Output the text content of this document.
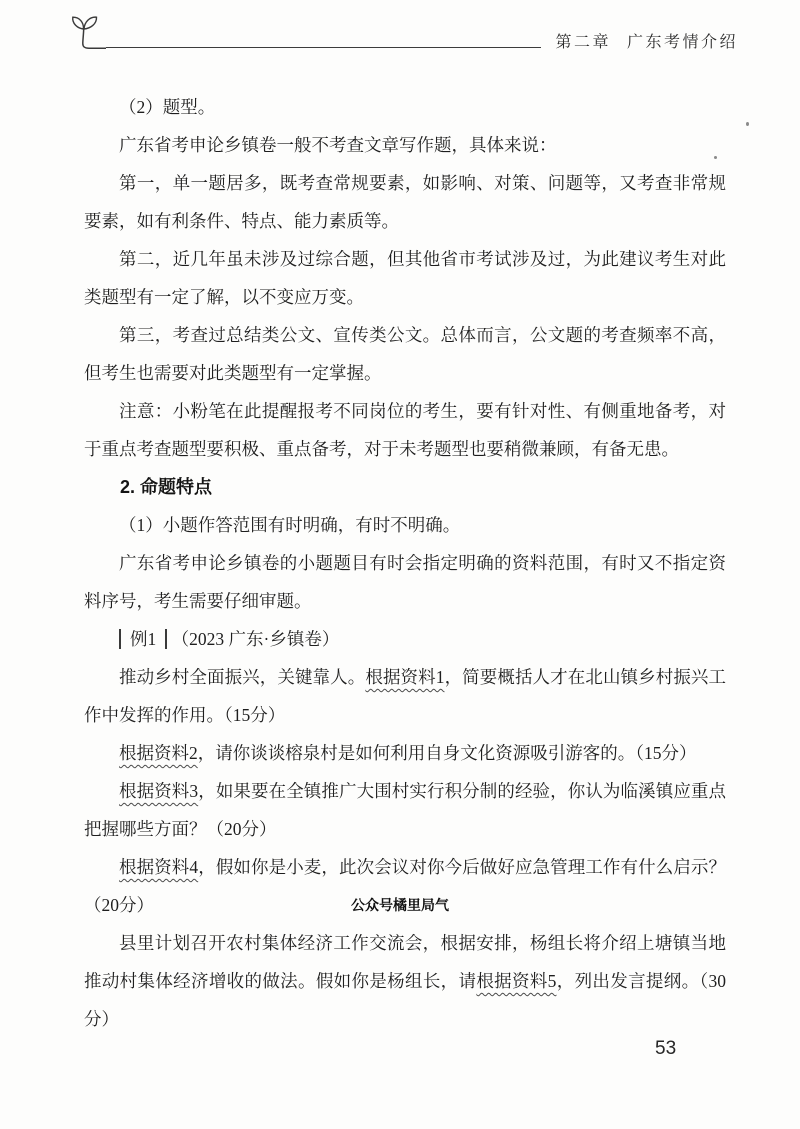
第二章 广东考情介绍

（2）题型。

广东省考申论乡镇卷一般不考查文章写作题，具体来说：

第一，单一题居多，既考查常规要素，如影响、对策、问题等，又考查非常规要素，如有利条件、特点、能力素质等。

第二，近几年虽未涉及过综合题，但其他省市考试涉及过，为此建议考生对此类题型有一定了解，以不变应万变。

第三，考查过总结类公文、宣传类公文。总体而言，公文题的考查频率不高，但考生也需要对此类题型有一定掌握。

注意：小粉笔在此提醒报考不同岗位的考生，要有针对性、有侧重地备考，对于重点考查题型要积极、重点备考，对于未考题型也要稍微兼顾，有备无患。

2. 命题特点

（1）小题作答范围有时明确，有时不明确。

广东省考申论乡镇卷的小题题目有时会指定明确的资料范围，有时又不指定资料序号，考生需要仔细审题。

例1 （2023 广东·乡镇卷）

推动乡村全面振兴，关键靠人。根据资料1，简要概括人才在北山镇乡村振兴工作中发挥的作用。（15分）

根据资料2，请你谈谈榕泉村是如何利用自身文化资源吸引游客的。（15分）

根据资料3，如果要在全镇推广大围村实行积分制的经验，你认为临溪镇应重点把握哪些方面？（20分）

根据资料4，假如你是小麦，此次会议对你今后做好应急管理工作有什么启示？（20分）

县里计划召开农村集体经济工作交流会，根据安排，杨组长将介绍上塘镇当地推动村集体经济增收的做法。假如你是杨组长，请根据资料5，列出发言提纲。（30分）

公众号橘里局气
53
